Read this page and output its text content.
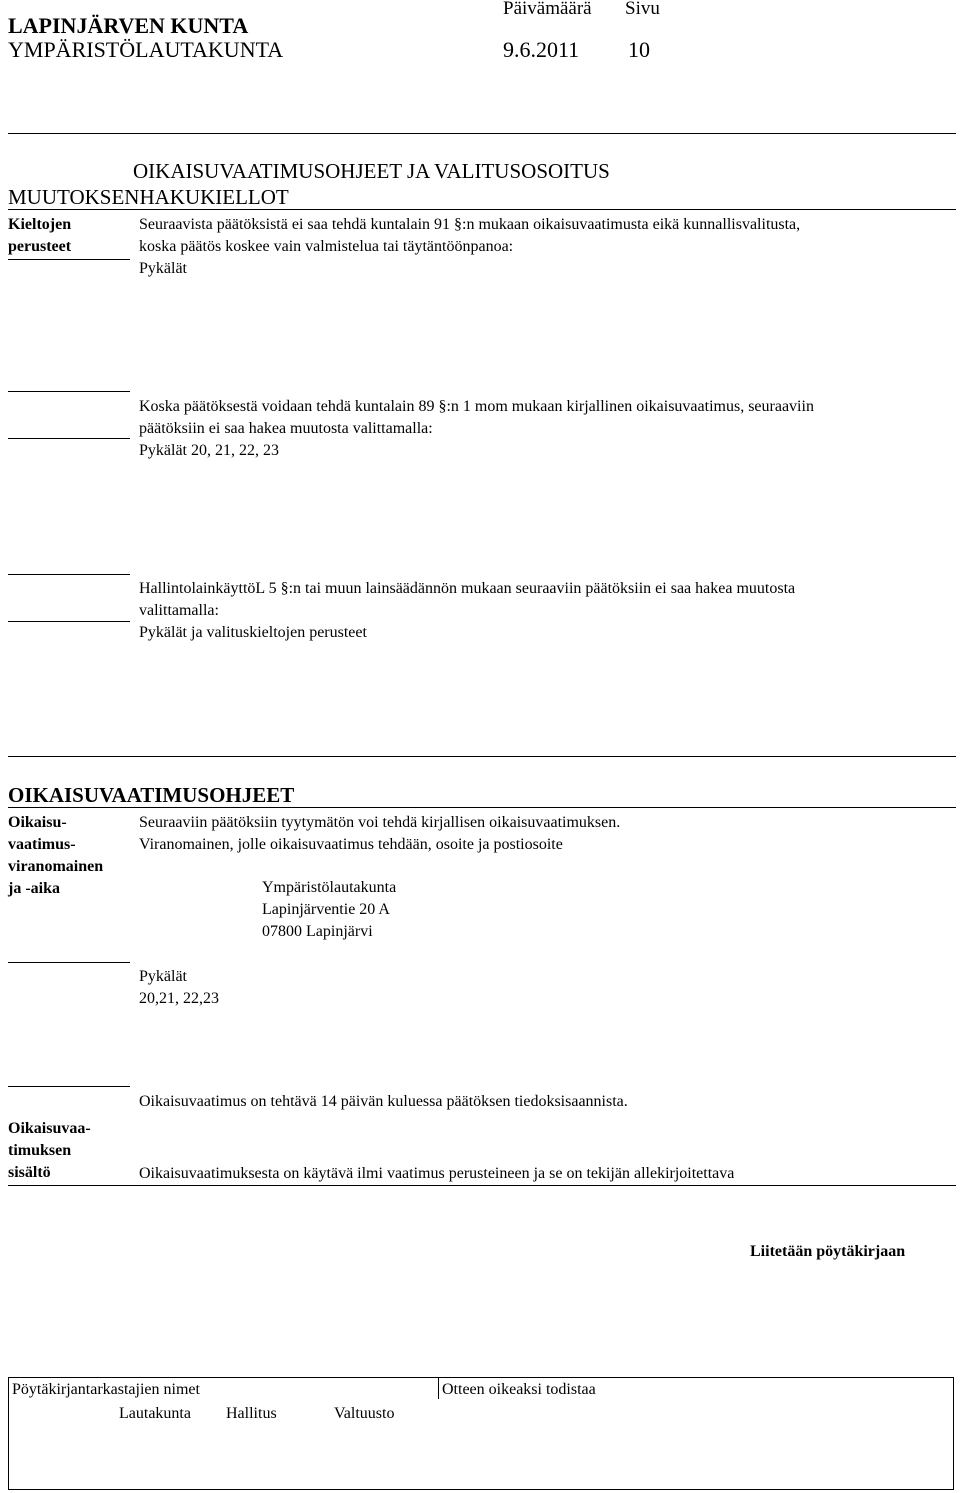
LAPINJÄRVEN KUNTA
YMPÄRISTÖLAUTAKUNTA
Päivämäärä Sivu
9.6.2011 10
OIKAISUVAATIMUSOHJEET JA VALITUSOSOITUS
MUUTOKSENHAKUKIELLOT
Kieltojen
perusteet
Seuraavista päätöksistä ei saa tehdä kuntalain 91 §:n mukaan oikaisuvaatimusta eikä kunnallisvalitusta,
koska päätös koskee vain valmistelua tai täytäntöönpanoa:
Pykälät
Koska päätöksestä voidaan tehdä kuntalain 89 §:n 1 mom mukaan kirjallinen oikaisuvaatimus, seuraaviin
päätöksiin ei saa hakea muutosta valittamalla:
Pykälät 20, 21, 22, 23
HallintolainkäyttöL 5 §:n tai muun lainsäädännön mukaan seuraaviin päätöksiin ei saa hakea muutosta
valittamalla:
Pykälät ja valituskieltojen perusteet
OIKAISUVAATIMUSOHJEET
Oikaisu-
vaatimus-
viranomainen
ja -aika
Seuraaviin päätöksiin tyytymätön voi tehdä kirjallisen oikaisuvaatimuksen.
Viranomainen, jolle oikaisuvaatimus tehdään, osoite ja postiosoite
Ympäristölautakunta
Lapinjärventie 20 A
07800 Lapinjärvi
Pykälät
20,21, 22,23
Oikaisuvaatimus on tehtävä 14 päivän kuluessa päätöksen tiedoksisaannista.
Oikaisuvaa-
timuksen
sisältö	Oikaisuvaatimuksesta on käytävä ilmi vaatimus perusteineen ja se on tekijän allekirjoitettava
Liitetään pöytäkirjaan
Pöytäkirjantarkastajien nimet	Otteen oikeaksi todistaa
Lautakunta Hallitus	Valtuusto
